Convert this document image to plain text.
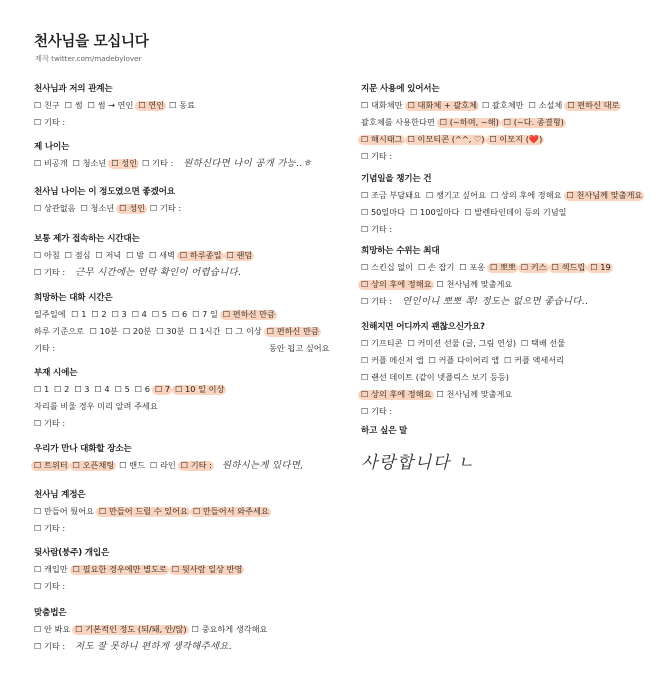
천사님을 모십니다
제작 twitter.com/madebylover
천사님과 저의 관계는
☐ 친구 ☐ 썸 ☐ 썸 → 연인 ☐ 연인 ☐ 동료
☐ 기타 :
제 나이는
☐ 비공개 ☐ 청소년 ☐ 성인 ☐ 기타 : 원하신다면 나이 공개 가능..ㅎ
천사님 나이는 이 정도였으면 좋겠어요
☐ 상관없음 ☐ 청소년 ☐ 성인 ☐ 기타 :
보통 제가 접속하는 시간대는
☐ 아침 ☐ 점심 ☐ 저녁 ☐ 밤 ☐ 새벽 ☐ 하루종일 ☐ 랜덤
☐ 기타 : 근무 시간에는 연락 확인이 어렵습니다.
희망하는 대화 시간은
일주일에 ☐ 1 ☐ 2 ☐ 3 ☐ 4 ☐ 5 ☐ 6 ☐ 7 일 ☐ 편하신 만큼
하루 기준으로 ☐ 10분 ☐ 20분 ☐ 30분 ☐ 1시간 ☐ 그 이상 ☐ 편하신 만큼
기타 :	동안 됩고 싶어요
부재 시에는
☐ 1 ☐ 2 ☐ 3 ☐ 4 ☐ 5 ☐ 6 ☐ 7 ☐ 10 일 이상
자리를 비울 경우 미리 알려 주세요
☐ 기타 :
우리가 만나 대화할 장소는
☐ 트위터 ☐ 오픈채팅 ☐ 밴드 ☐ 라인 ☐ 기타 : 원하시는게 있다면,
천사님 계정은
☐ 만들어 뒀어요 ☐ 만들어 드릴 수 있어요 ☐ 만들어서 와주세요
☐ 기타 :
뒷사람(붕주) 개입은
☐ 캐입만 ☐ 필요한 경우에만 별도로 ☐ 뒷사람 일상 반영
☐ 기타 :
맞춤법은
☐ 안 봐요 ☐ 기본적인 정도 (되/돼, 안/않) ☐ 중요하게 생각해요
☐ 기타 : 저도 잘 못하니 편하게 생각해주세요.
지문 사용에 있어서는
☐ 대화체만 ☐ 대화체 + 괄호체 ☐ 괄호체만 ☐ 소설체 ☐ 편하신 대로
괄호체를 사용한다면 ☐ (~하며, ~해) ☐ (~다. 종결형)
☐ 해시태그 ☐ 이모티콘 (^^, ♡) ☐ 이모지 (❤️)
☐ 기타 :
기념일을 챙기는 건
☐ 조금 부담돼요 ☐ 챙기고 싶어요 ☐ 상의 후에 정해요 ☐ 천사님께 맞출게요
☐ 50일마다 ☐ 100일마다 ☐ 발렌타인데이 등의 기념일
☐ 기타 :
희망하는 수위는 최대
☐ 스킨십 없이 ☐ 손 잡기 ☐ 포옹 ☐ 뽀뽀 ☐ 키스 ☐ 섹드립 ☐ 19
☐ 상의 후에 정해요 ☐ 천사님께 맞출게요
☐ 기타 : 연인이니 뽀뽀 쪽! 정도는 없으면 좋습니다..
친해지면 어디까지 괜찮으신가요?
☐ 기프티콘 ☐ 커미션 선물 (글, 그림 연성) ☐ 택배 선물
☐ 커플 메신저 앱 ☐ 커플 다이어리 앱 ☐ 커플 액세서리
☐ 랜선 데이트 (같이 넷플릭스 보기 등등)
☐ 상의 후에 정해요 ☐ 천사님께 맞출게요
☐ 기타 :
하고 싶은 말
사랑합니다 ㄴ
